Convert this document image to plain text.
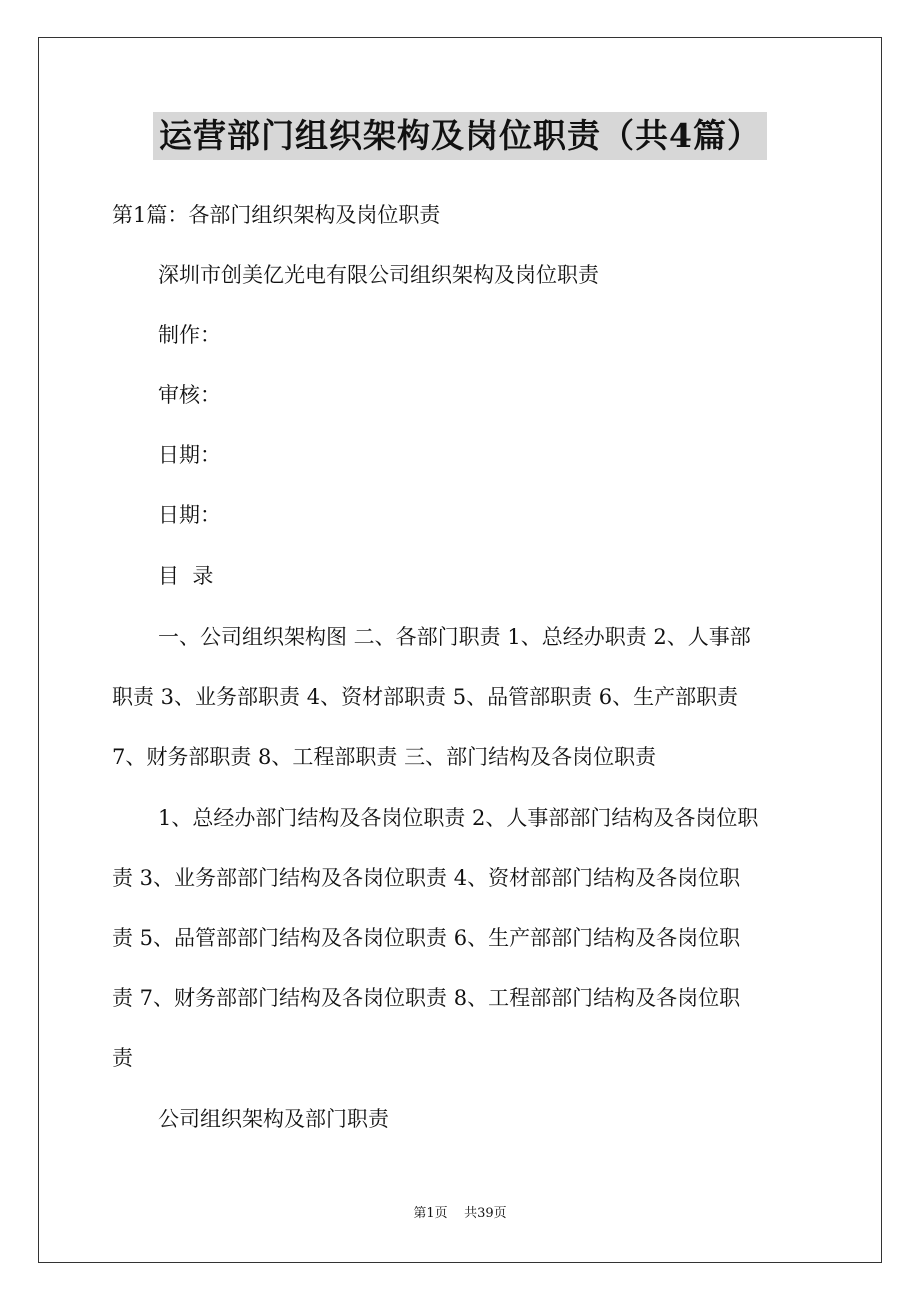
运营部门组织架构及岗位职责（共4篇）
第1篇：各部门组织架构及岗位职责
深圳市创美亿光电有限公司组织架构及岗位职责
制作：
审核：
日期：
日期：
目  录
一、公司组织架构图 二、各部门职责 1、总经办职责 2、人事部
职责 3、业务部职责 4、资材部职责 5、品管部职责 6、生产部职责
7、财务部职责 8、工程部职责 三、部门结构及各岗位职责
1、总经办部门结构及各岗位职责 2、人事部部门结构及各岗位职
责 3、业务部部门结构及各岗位职责 4、资材部部门结构及各岗位职
责 5、品管部部门结构及各岗位职责 6、生产部部门结构及各岗位职
责 7、财务部部门结构及各岗位职责 8、工程部部门结构及各岗位职
责
公司组织架构及部门职责
第1页 共39页
